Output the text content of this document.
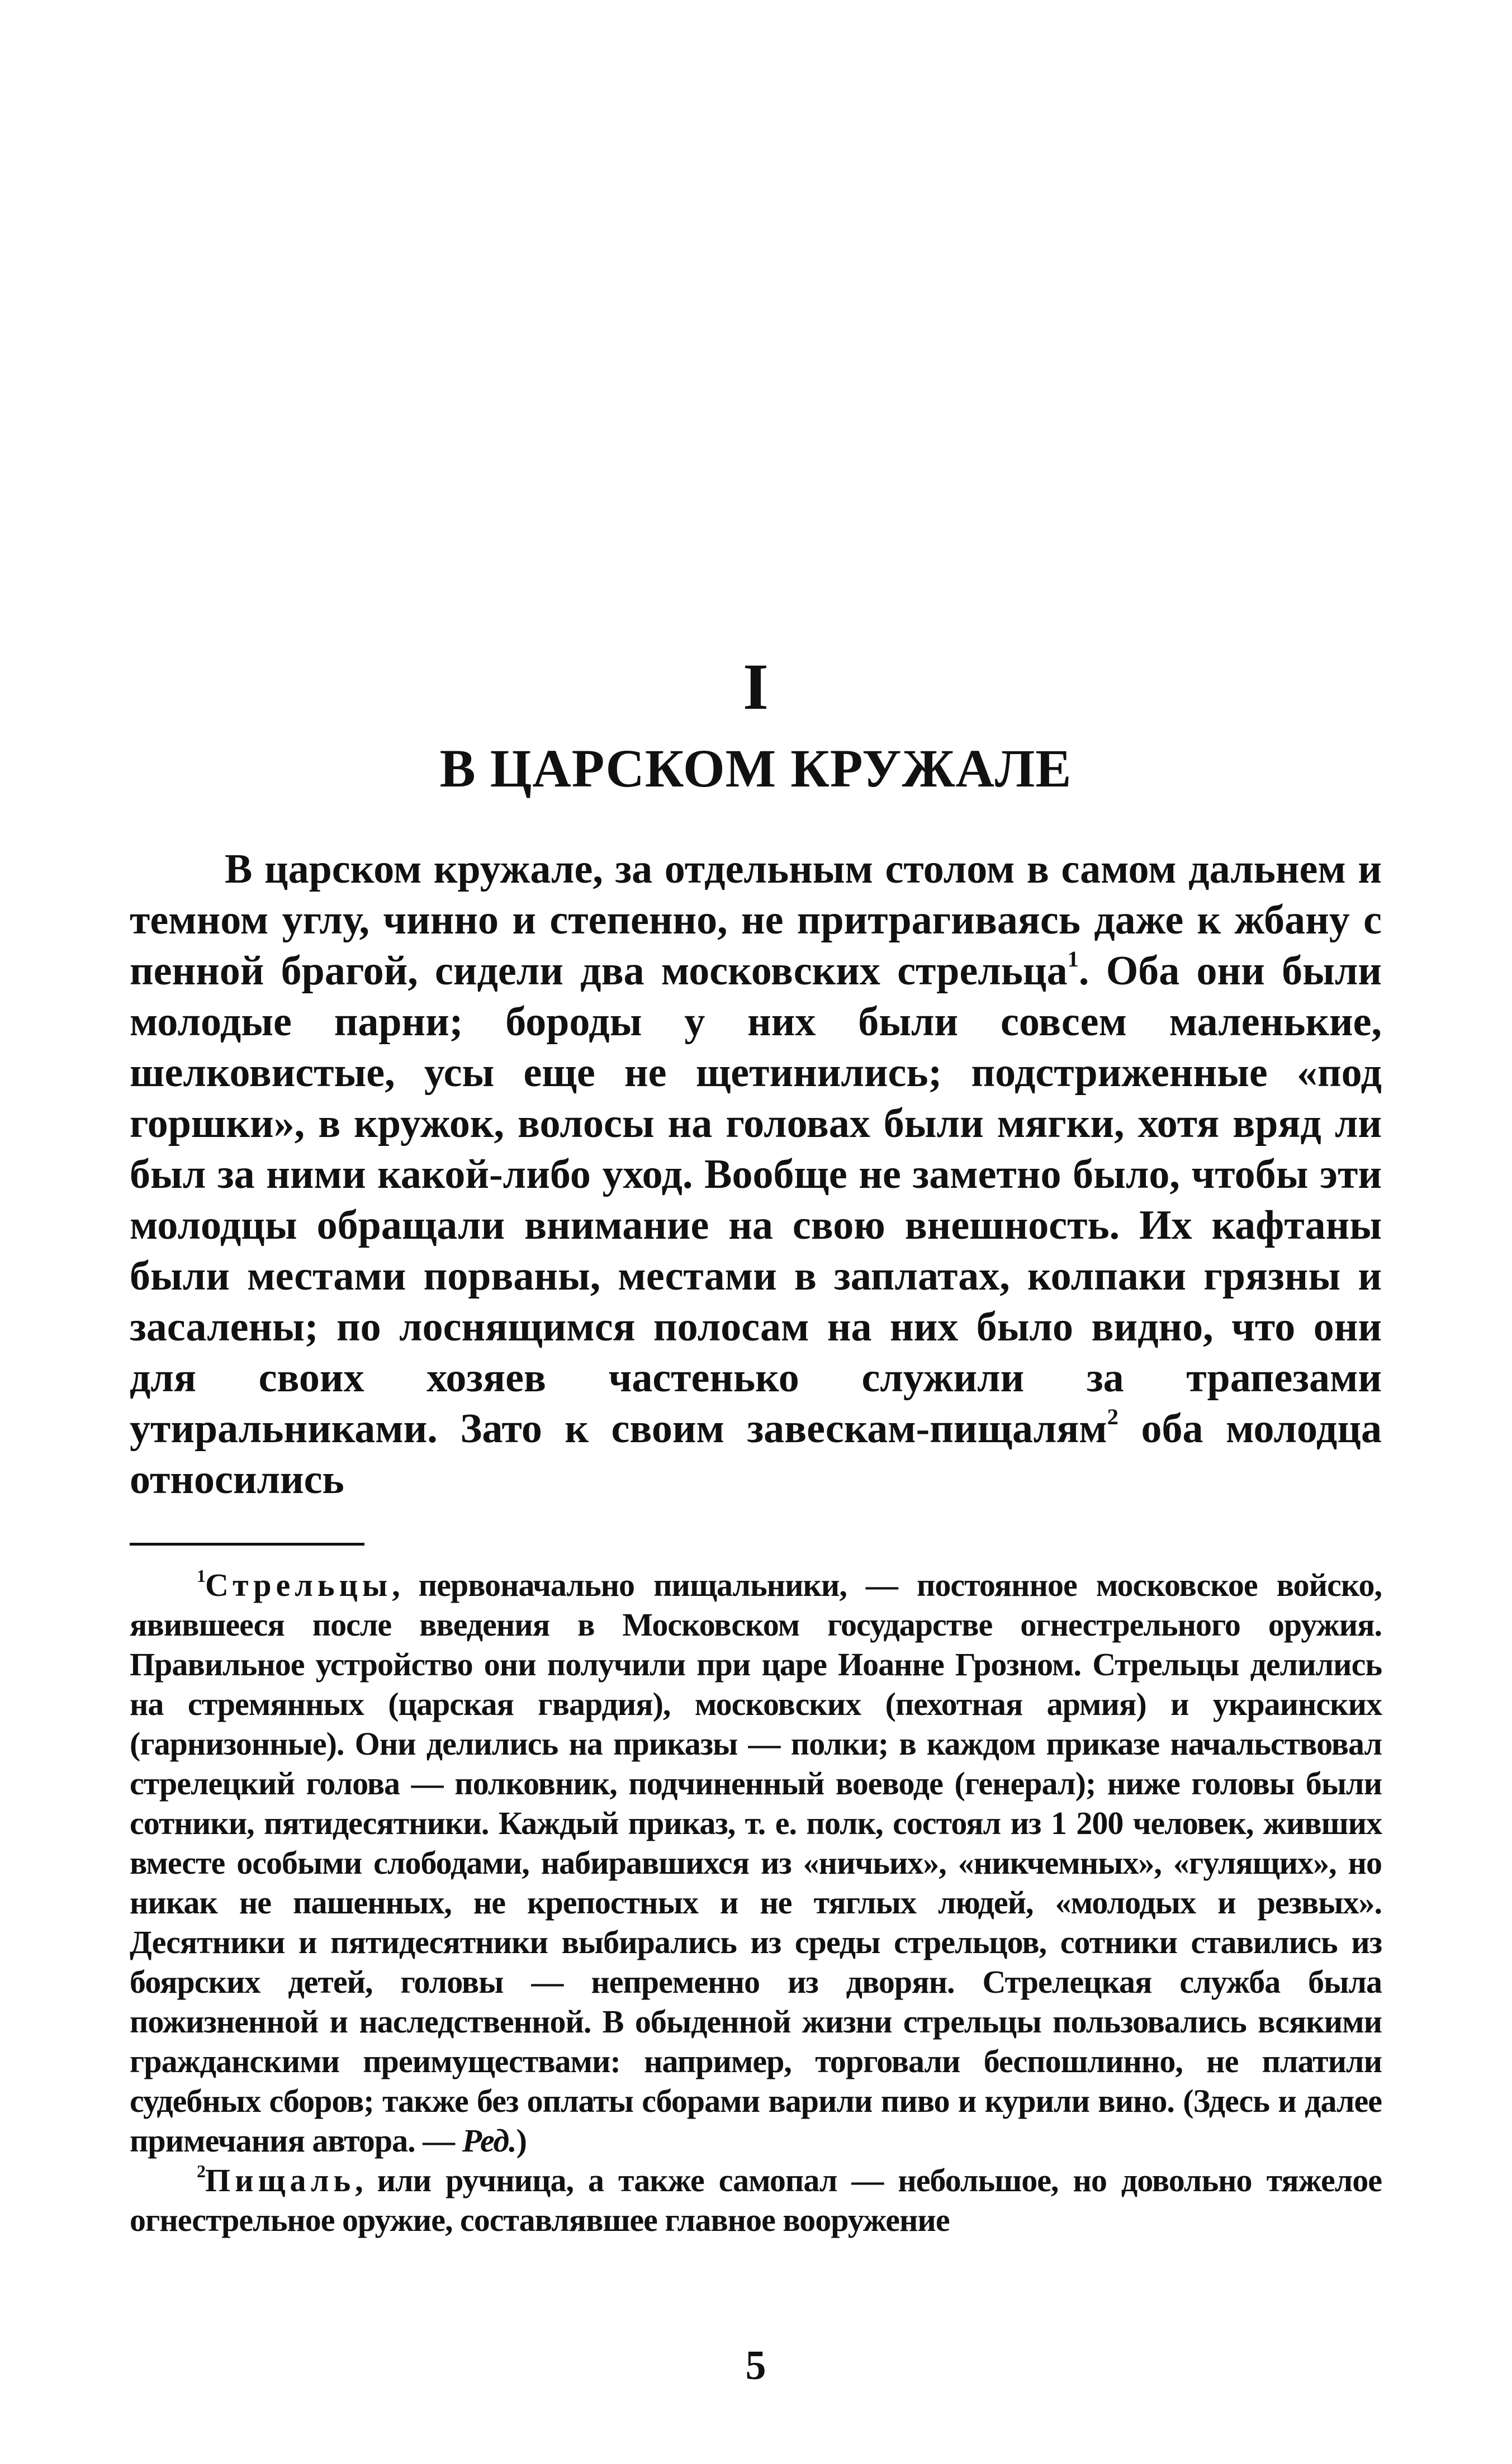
I
В ЦАРСКОМ КРУЖАЛЕ

В царском кружале, за отдельным столом в самом дальнем и темном углу, чинно и степенно, не притрагиваясь даже к жбану с пенной брагой, сидели два московских стрельца$^1$. Оба они были молодые парни; бороды у них были совсем маленькие, шелковистые, усы еще не щетинились; подстриженные «под горшки», в кружок, волосы на головах были мягки, хотя вряд ли был за ними какой-либо уход. Вообще не заметно было, чтобы эти молодцы обращали внимание на свою внешность. Их кафтаны были местами порваны, местами в заплатах, колпаки грязны и засалены; по лоснящимся полосам на них было видно, что они для своих хозяев частенько служили за трапезами утиральниками. Зато к своим завескам-пищалям$^2$ оба молодца относились

$^1$Стрельцы, первоначально пищальники, — постоянное московское войско, явившееся после введения в Московском государстве огнестрельного оружия. Правильное устройство они получили при царе Иоанне Грозном. Стрельцы делились на стремянных (царская гвардия), московских (пехотная армия) и украинских (гарнизонные). Они делились на приказы — полки; в каждом приказе начальствовал стрелецкий голова — полковник, подчиненный воеводе (генерал); ниже головы были сотники, пятидесятники. Каждый приказ, т. е. полк, состоял из 1 200 человек, живших вместе особыми слободами, набиравшихся из «ничьих», «никчемных», «гулящих», но никак не пашенных, не крепостных и не тяглых людей, «молодых и резвых». Десятники и пятидесятники выбирались из среды стрельцов, сотники ставились из боярских детей, головы — непременно из дворян. Стрелецкая служба была пожизненной и наследственной. В обыденной жизни стрельцы пользовались всякими гражданскими преимуществами: например, торговали беспошлинно, не платили судебных сборов; также без оплаты сборами варили пиво и курили вино. (Здесь и далее примечания автора. — Ред.)

$^2$Пищаль, или ручница, а также самопал — небольшое, но довольно тяжелое огнестрельное оружие, составлявшее главное вооружение

5
